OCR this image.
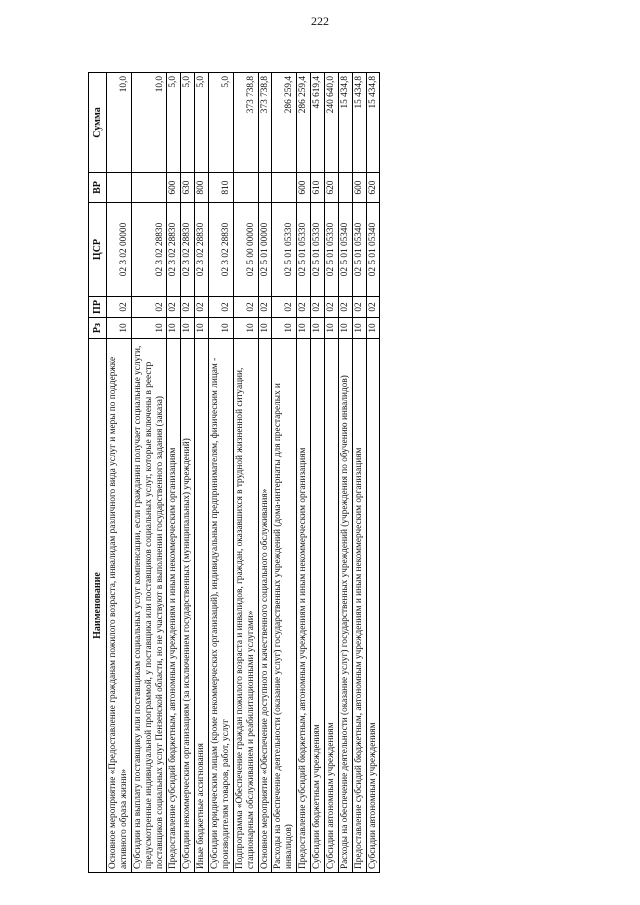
222
Наименование	Рз	ПР	ЦСР	ВР	Сумма
Основное мероприятие «Предоставление гражданам пожилого возраста, инвалидам различного вида услуг и меры по поддержке активного образа жизни»	10	02	02 3 02 00000		10,0
Субсидии на выплату поставщику или поставщикам социальных услуг компенсации, если гражданин получает социальные услуги, предусмотренные индивидуальной программой, у поставщика или поставщиков социальных услуг, которые включены в реестр поставщиков социальных услуг Пензенской области, но не участвуют в выполнении государственного задания (заказа)	10	02	02 3 02 28830		10,0
Предоставление субсидий бюджетным, автономным учреждениям и иным некоммерческим организациям	10	02	02 3 02 28830	600	5,0
Субсидии некоммерческим организациям (за исключением государственных (муниципальных) учреждений)	10	02	02 3 02 28830	630	5,0
Иные бюджетные ассигнования	10	02	02 3 02 28830	800	5,0
Субсидии юридическим лицам (кроме некоммерческих организаций), индивидуальным предпринимателям, физическим лицам - производителям товаров, работ, услуг	10	02	02 3 02 28830	810	5,0
Подпрограмма «Обеспечение граждан пожилого возраста и инвалидов, граждан, оказавшихся в трудной жизненной ситуации, стационарным обслуживанием и реабилитационными услугами»	10	02	02 5 00 00000		373 738,8
Основное мероприятие «Обеспечение доступного и качественного социального обслуживания»	10	02	02 5 01 00000		373 738,8
Расходы на обеспечение деятельности (оказание услуг) государственных учреждений (дома-интернаты для престарелых и инвалидов)	10	02	02 5 01 05330		286 259,4
Предоставление субсидий бюджетным, автономным учреждениям и иным некоммерческим организациям	10	02	02 5 01 05330	600	286 259,4
Субсидии бюджетным учреждениям	10	02	02 5 01 05330	610	45 619,4
Субсидии автономным учреждениям	10	02	02 5 01 05330	620	240 640,0
Расходы на обеспечение деятельности (оказание услуг) государственных учреждений (учреждения по обучению инвалидов)	10	02	02 5 01 05340		15 434,8
Предоставление субсидий бюджетным, автономным учреждениям и иным некоммерческим организациям	10	02	02 5 01 05340	600	15 434,8
Субсидии автономным учреждениям	10	02	02 5 01 05340	620	15 434,8
